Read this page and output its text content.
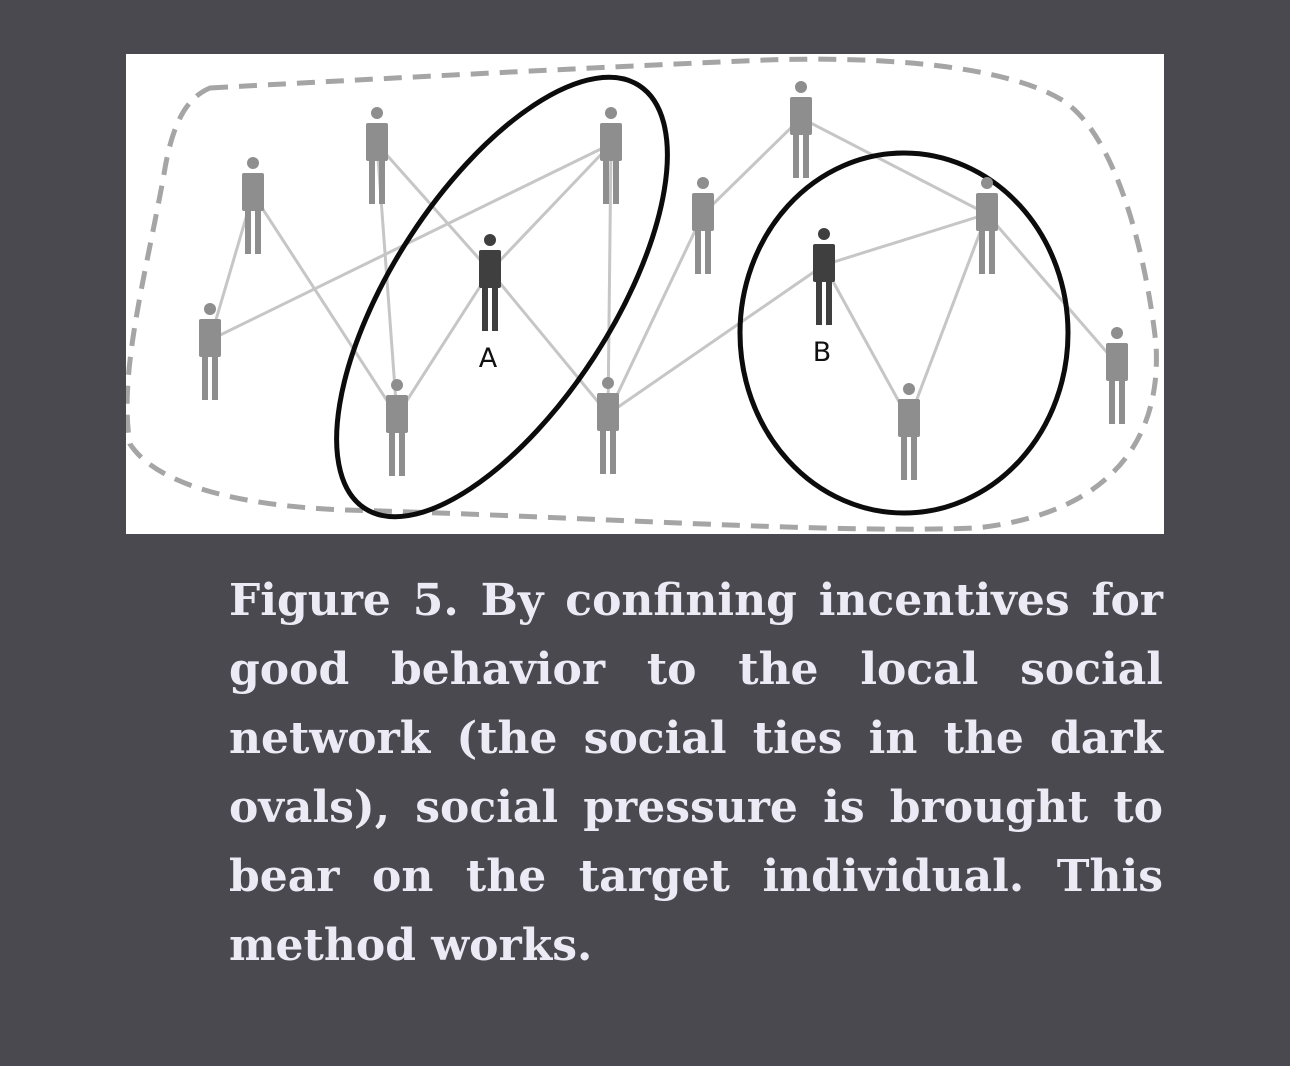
A	B

Figure 5. By confining incentives for good behavior to the local social network (the social ties in the dark ovals), social pressure is brought to bear on the target individual. This method works.
